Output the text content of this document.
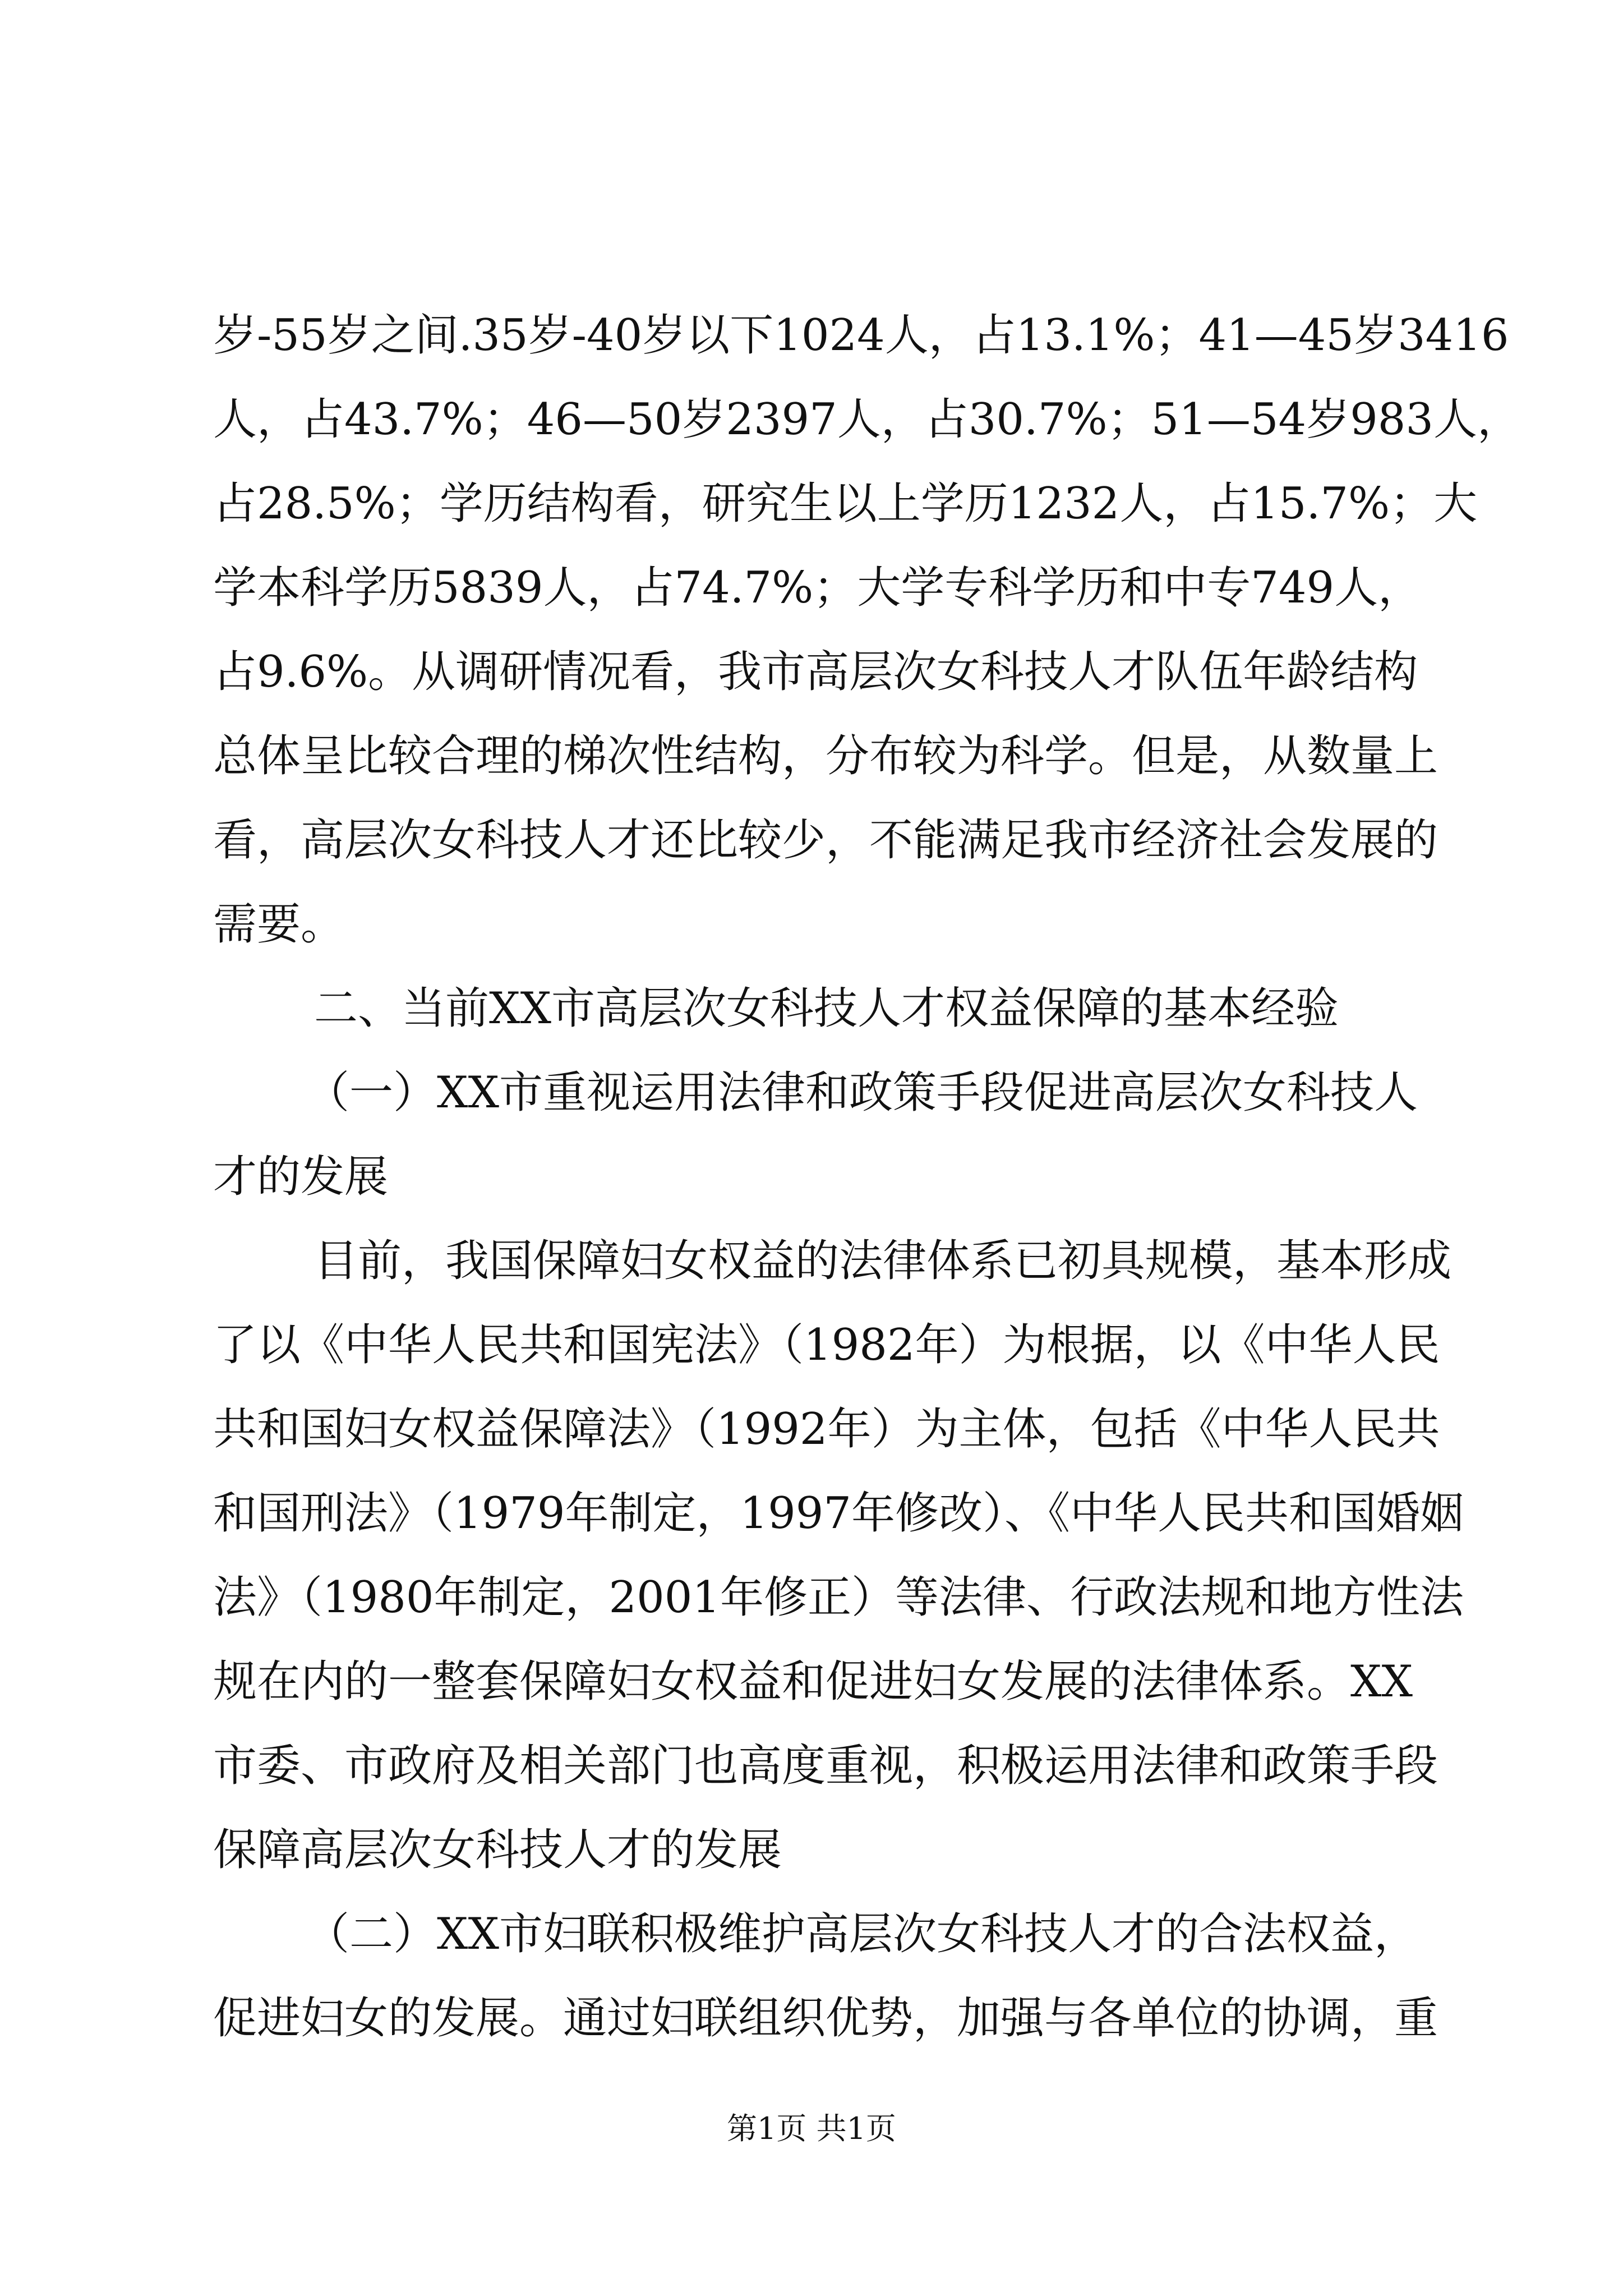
岁-55岁之间.35岁-40岁以下1024人，占13.1%；41—45岁3416
人，占43.7%；46—50岁2397人，占30.7%；51—54岁983人，
占28.5%；学历结构看，研究生以上学历1232人，占15.7%；大
学本科学历5839人，占74.7%；大学专科学历和中专749人，
占9.6%。从调研情况看，我市高层次女科技人才队伍年龄结构
总体呈比较合理的梯次性结构，分布较为科学。但是，从数量上
看，高层次女科技人才还比较少，不能满足我市经济社会发展的
需要。
二、当前XX市高层次女科技人才权益保障的基本经验
（一）XX市重视运用法律和政策手段促进高层次女科技人
才的发展
目前，我国保障妇女权益的法律体系已初具规模，基本形成
了以《中华人民共和国宪法》（1982年）为根据，以《中华人民
共和国妇女权益保障法》（1992年）为主体，包括《中华人民共
和国刑法》（1979年制定，1997年修改）、《中华人民共和国婚姻
法》（1980年制定，2001年修正）等法律、行政法规和地方性法
规在内的一整套保障妇女权益和促进妇女发展的法律体系。XX
市委、市政府及相关部门也高度重视，积极运用法律和政策手段
保障高层次女科技人才的发展
（二）XX市妇联积极维护高层次女科技人才的合法权益，
促进妇女的发展。通过妇联组织优势，加强与各单位的协调，重
第1页 共1页
